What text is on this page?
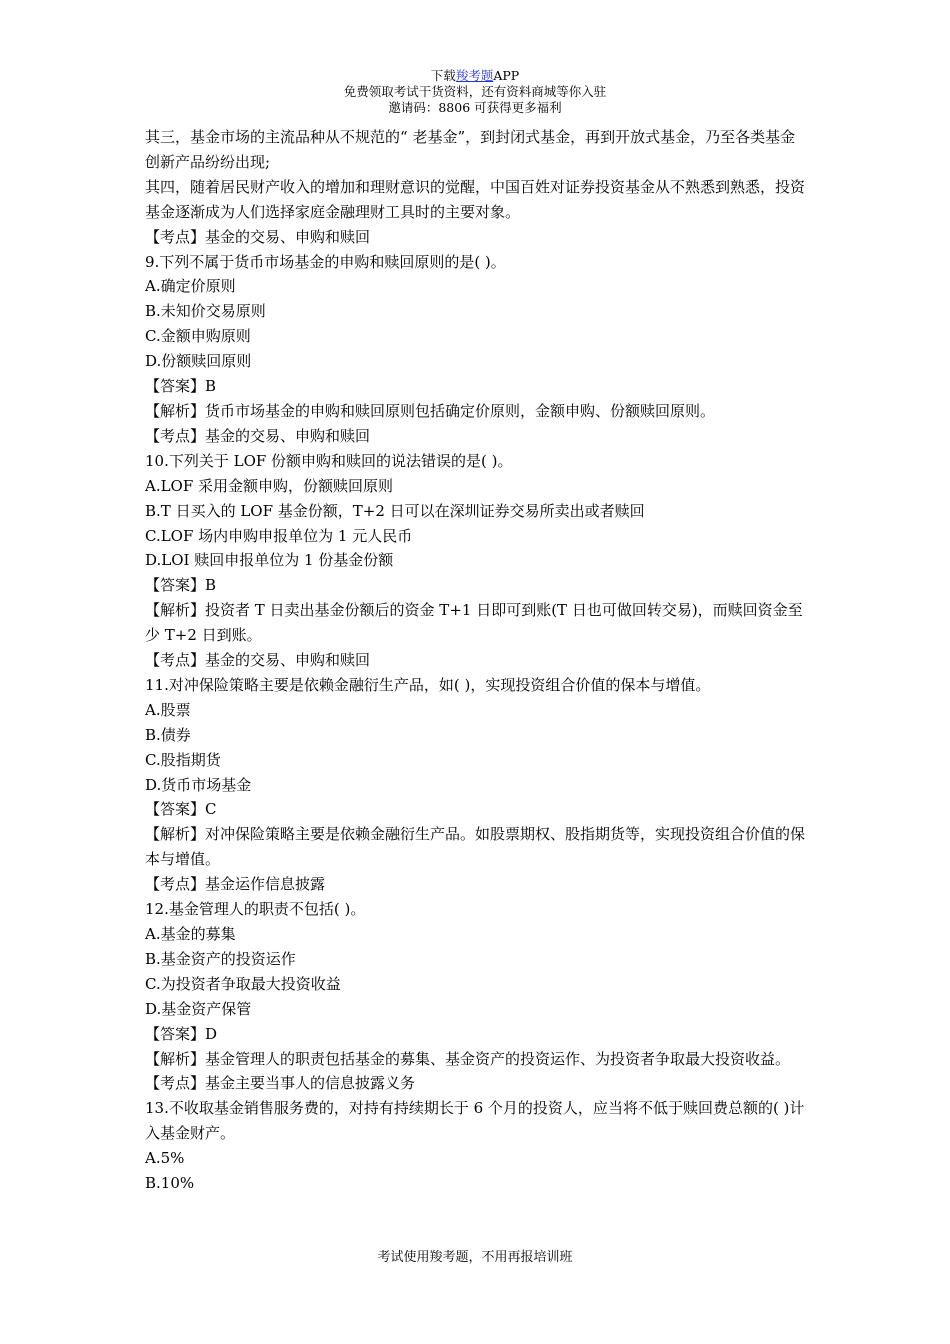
下载羧考题APP
免费领取考试干货资料，还有资料商城等你入驻
邀请码：8806 可获得更多福利

其三，基金市场的主流品种从不规范的“ 老基金”，到封闭式基金，再到开放式基金，乃至各类基金创新产品纷纷出现;

其四，随着居民财产收入的增加和理财意识的觉醒，中国百姓对证券投资基金从不熟悉到熟悉，投资基金逐渐成为人们选择家庭金融理财工具时的主要对象。

【考点】基金的交易、申购和赎回

9.下列不属于货币市场基金的申购和赎回原则的是( )。

A.确定价原则

B.未知价交易原则

C.金额申购原则

D.份额赎回原则

【答案】B

【解析】货币市场基金的申购和赎回原则包括确定价原则，金额申购、份额赎回原则。

【考点】基金的交易、申购和赎回

10.下列关于 LOF 份额申购和赎回的说法错误的是( )。

A.LOF 采用金额申购，份额赎回原则

B.T 日买入的 LOF 基金份额，T+2 日可以在深圳证券交易所卖出或者赎回

C.LOF 场内申购申报单位为 1 元人民币

D.LOI 赎回申报单位为 1 份基金份额

【答案】B

【解析】投资者 T 日卖出基金份额后的资金 T+1 日即可到账(T 日也可做回转交易)，而赎回资金至少 T+2 日到账。

【考点】基金的交易、申购和赎回

11.对冲保险策略主要是依赖金融衍生产品，如( )，实现投资组合价值的保本与增值。

A.股票

B.债券

C.股指期货

D.货币市场基金

【答案】C

【解析】对冲保险策略主要是依赖金融衍生产品。如股票期权、股指期货等，实现投资组合价值的保本与增值。

【考点】基金运作信息披露

12.基金管理人的职责不包括( )。

A.基金的募集

B.基金资产的投资运作

C.为投资者争取最大投资收益

D.基金资产保管

【答案】D

【解析】基金管理人的职责包括基金的募集、基金资产的投资运作、为投资者争取最大投资收益。

【考点】基金主要当事人的信息披露义务

13.不收取基金销售服务费的，对持有持续期长于 6 个月的投资人，应当将不低于赎回费总额的( )计入基金财产。

A.5%

B.10%

考试使用羧考题，不用再报培训班
